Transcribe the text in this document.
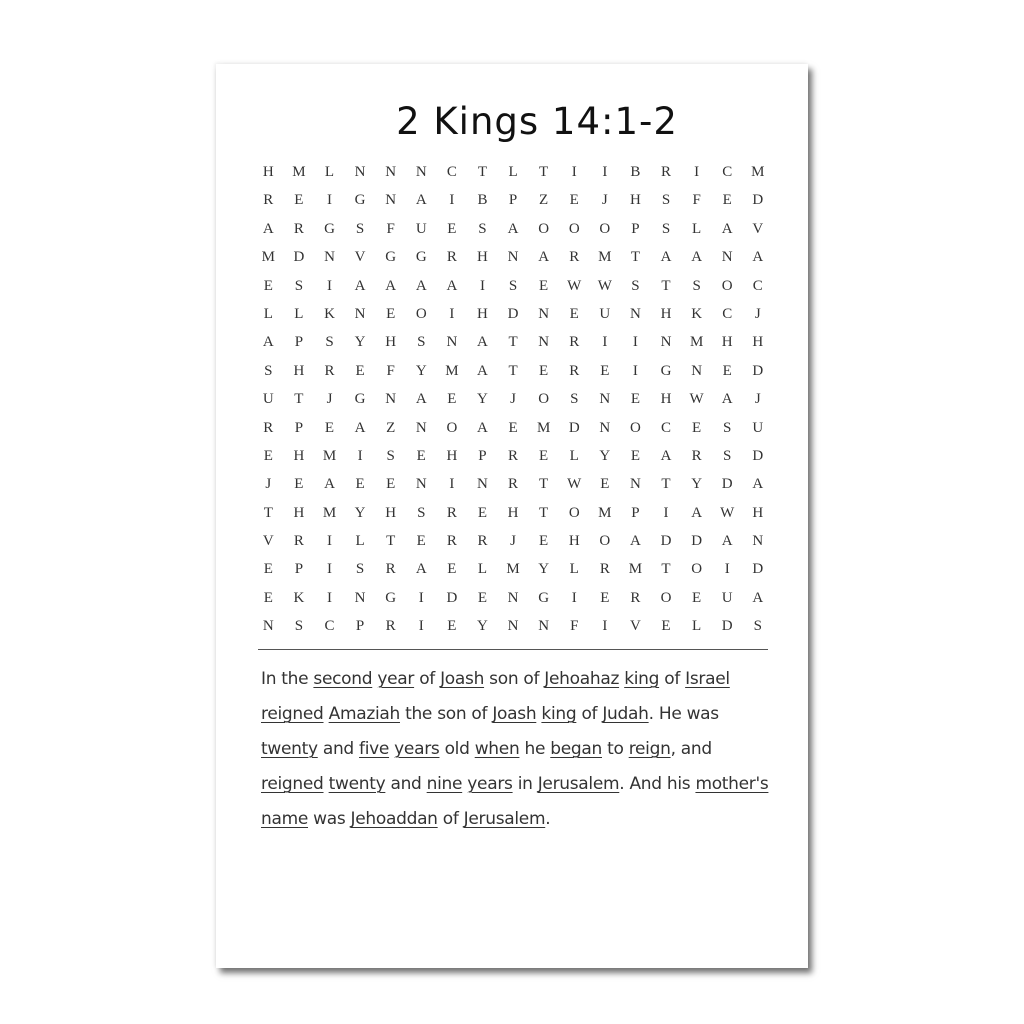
2 Kings 14:1-2
H	M	L	N	N	N	C	T	L	T	I	I	B	R	I	C	M
R	E	I	G	N	A	I	B	P	Z	E	J	H	S	F	E	D
A	R	G	S	F	U	E	S	A	O	O	O	P	S	L	A	V
M	D	N	V	G	G	R	H	N	A	R	M	T	A	A	N	A
E	S	I	A	A	A	A	I	S	E	W	W	S	T	S	O	C
L	L	K	N	E	O	I	H	D	N	E	U	N	H	K	C	J
A	P	S	Y	H	S	N	A	T	N	R	I	I	N	M	H	H
S	H	R	E	F	Y	M	A	T	E	R	E	I	G	N	E	D
U	T	J	G	N	A	E	Y	J	O	S	N	E	H	W	A	J
R	P	E	A	Z	N	O	A	E	M	D	N	O	C	E	S	U
E	H	M	I	S	E	H	P	R	E	L	Y	E	A	R	S	D
J	E	A	E	E	N	I	N	R	T	W	E	N	T	Y	D	A
T	H	M	Y	H	S	R	E	H	T	O	M	P	I	A	W	H
V	R	I	L	T	E	R	R	J	E	H	O	A	D	D	A	N
E	P	I	S	R	A	E	L	M	Y	L	R	M	T	O	I	D
E	K	I	N	G	I	D	E	N	G	I	E	R	O	E	U	A
N	S	C	P	R	I	E	Y	N	N	F	I	V	E	L	D	S
In the second year of Joash son of Jehoahaz king of Israel reigned Amaziah the son of Joash king of Judah. He was twenty and five years old when he began to reign, and reigned twenty and nine years in Jerusalem. And his mother's name was Jehoaddan of Jerusalem.
